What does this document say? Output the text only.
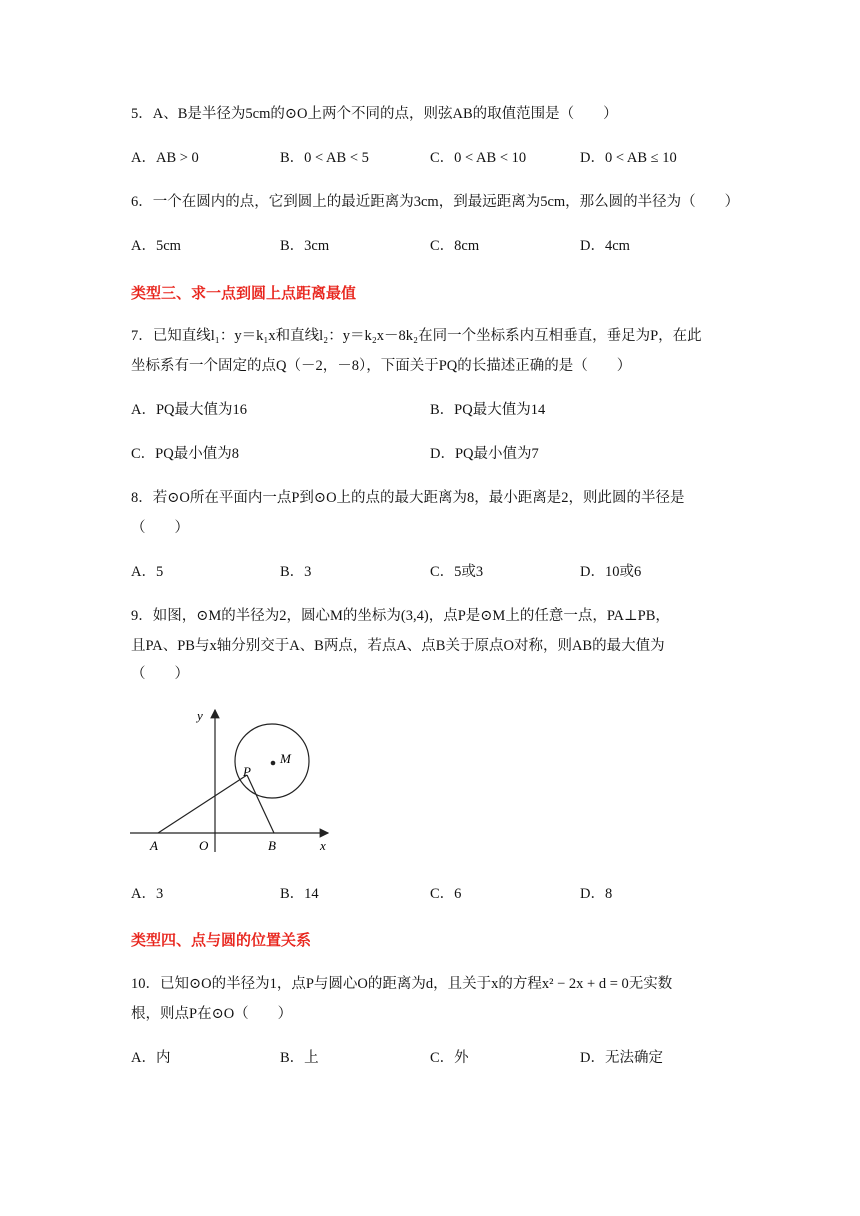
5．A、B是半径为5cm的⊙O上两个不同的点，则弦AB的取值范围是（　　）
A．AB > 0	B．0 < AB < 5	C．0 < AB < 10	D．0 < AB ≤ 10
6．一个在圆内的点，它到圆上的最近距离为3cm，到最远距离为5cm，那么圆的半径为（　　）
A．5cm	B．3cm	C．8cm	D．4cm
类型三、求一点到圆上点距离最值
7．已知直线l₁：y＝k₁x和直线l₂：y＝k₂x－8k₂在同一个坐标系内互相垂直，垂足为P，在此
坐标系有一个固定的点Q（－2，－8），下面关于PQ的长描述正确的是（　　）
A．PQ最大值为16	B．PQ最大值为14
C．PQ最小值为8	D．PQ最小值为7
8．若⊙O所在平面内一点P到⊙O上的点的最大距离为8，最小距离是2，则此圆的半径是
（　　）
A．5	B．3	C．5或3	D．10或6
9．如图，⊙M的半径为2，圆心M的坐标为(3,4)，点P是⊙M上的任意一点，PA⊥PB，
且PA、PB与x轴分别交于A、B两点，若点A、点B关于原点O对称，则AB的最大值为
（　　）
y
M
P
A	O	B	x
A．3	B．14	C．6	D．8
类型四、点与圆的位置关系
10．已知⊙O的半径为1，点P与圆心O的距离为d，且关于x的方程x² − 2x + d = 0无实数
根，则点P在⊙O（　　）
A．内	B．上	C．外	D．无法确定
